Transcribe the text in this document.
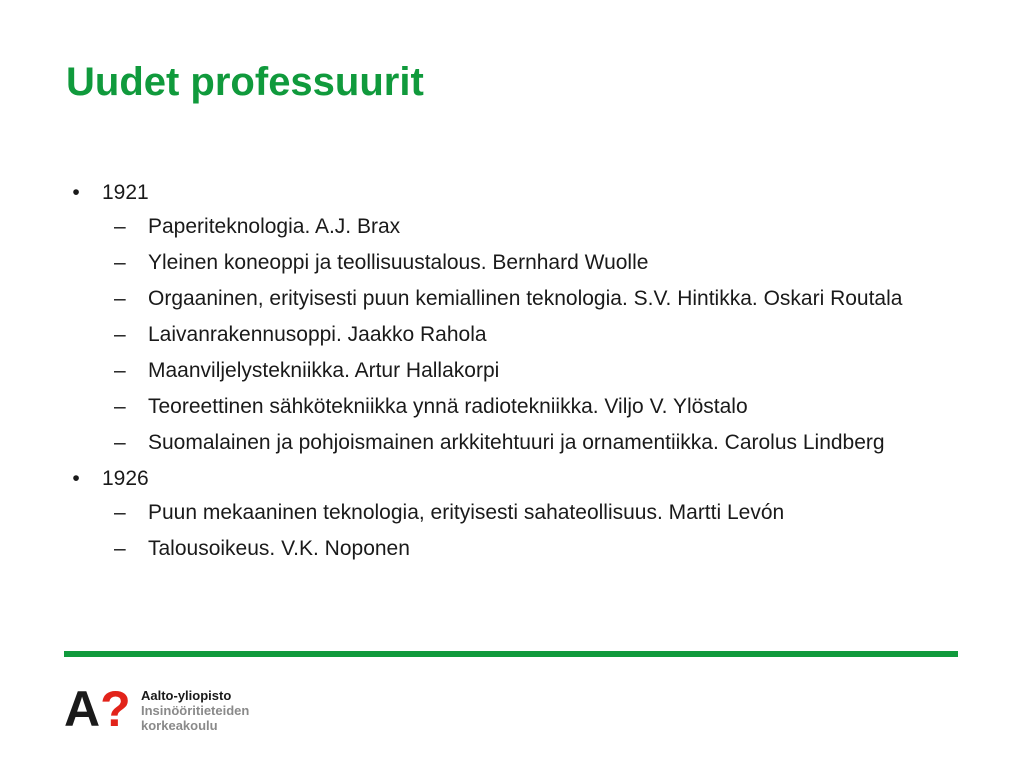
Uudet professuurit
•	1921
– Paperiteknologia. A.J. Brax
– Yleinen koneoppi ja teollisuustalous. Bernhard Wuolle
– Orgaaninen, erityisesti puun kemiallinen teknologia. S.V. Hintikka. Oskari Routala
– Laivanrakennusoppi. Jaakko Rahola
– Maanviljelystekniikka. Artur Hallakorpi
– Teoreettinen sähkötekniikka ynnä radiotekniikka. Viljo V. Ylöstalo
– Suomalainen ja pohjoismainen arkkitehtuuri ja ornamentiikka. Carolus Lindberg
•	1926
– Puun mekaaninen teknologia, erityisesti sahateollisuus. Martti Levón
– Talousoikeus. V.K. Noponen
A? Aalto-yliopisto
Insinööritieteiden
korkeakoulu
